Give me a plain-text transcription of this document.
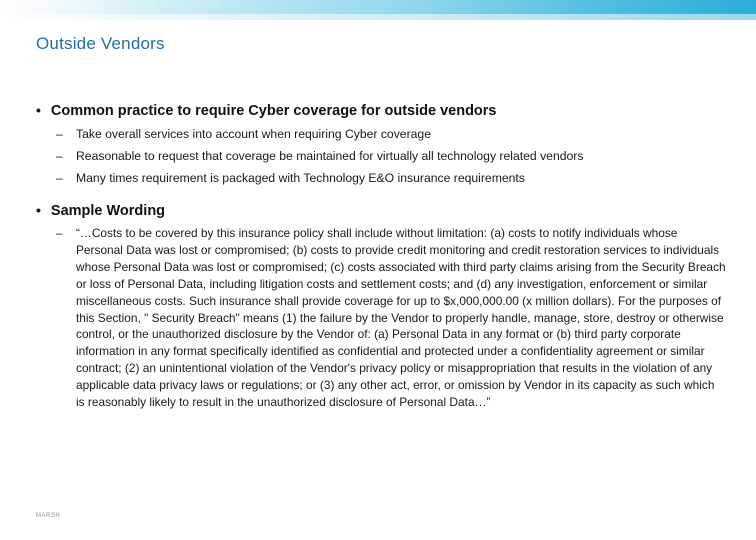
Outside Vendors
• Common practice to require Cyber coverage for outside vendors
–	Take overall services into account when requiring Cyber coverage
–	Reasonable to request that coverage be maintained for virtually all technology related vendors
–	Many times requirement is packaged with Technology E&O insurance requirements
• Sample Wording
–	“…Costs to be covered by this insurance policy shall include without limitation: (a) costs to notify individuals whose Personal Data was lost or compromised; (b) costs to provide credit monitoring and credit restoration services to individuals whose Personal Data was lost or compromised; (c) costs associated with third party claims arising from the Security Breach or loss of Personal Data, including litigation costs and settlement costs; and (d) any investigation, enforcement or similar miscellaneous costs. Such insurance shall provide coverage for up to $x,000,000.00 (x million dollars). For the purposes of this Section, " Security Breach" means (1) the failure by the Vendor to properly handle, manage, store, destroy or otherwise control, or the unauthorized disclosure by the Vendor of: (a) Personal Data in any format or (b) third party corporate information in any format specifically identified as confidential and protected under a confidentiality agreement or similar contract; (2) an unintentional violation of the Vendor's privacy policy or misappropriation that results in the violation of any applicable data privacy laws or regulations; or (3) any other act, error, or omission by Vendor in its capacity as such which is reasonably likely to result in the unauthorized disclosure of Personal Data…”
MARSH
